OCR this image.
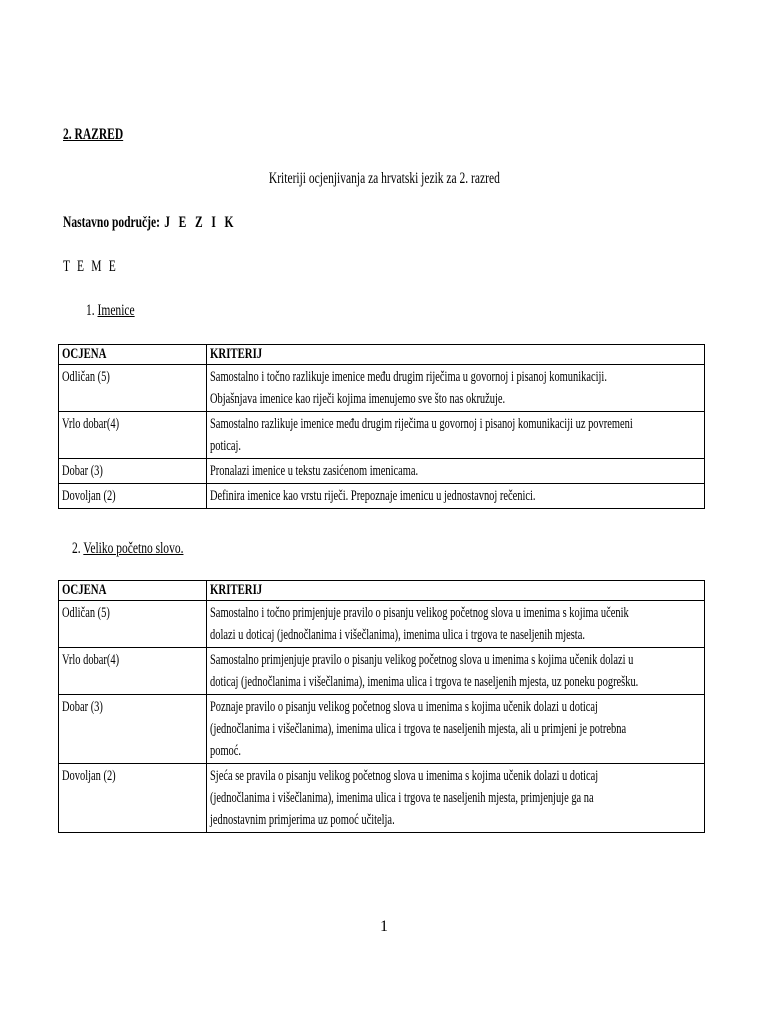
2. RAZRED
Kriteriji ocjenjivanja za hrvatski jezik za 2. razred
Nastavno područje: J E Z I K
T E M E
1. Imenice
OCJENA	KRITERIJ

Odličan (5)	Samostalno i točno razlikuje imenice među drugim riječima u govornoj i pisanoj komunikaciji. Objašnjava imenice kao riječi kojima imenujemo sve što nas okružuje.

Vrlo dobar(4)	Samostalno razlikuje imenice među drugim riječima u govornoj i pisanoj komunikaciji uz povremeni poticaj.

Dobar (3)	Pronalazi imenice u tekstu zasićenom imenicama.

Dovoljan (2)	Definira imenice kao vrstu riječi. Prepoznaje imenicu u jednostavnoj rečenici.
2. Veliko početno slovo.
OCJENA	KRITERIJ

Odličan (5)	Samostalno i točno primjenjuje pravilo o pisanju velikog početnog slova u imenima s kojima učenik dolazi u doticaj (jednočlanima i višečlanima), imenima ulica i trgova te naseljenih mjesta.

Vrlo dobar(4)	Samostalno primjenjuje pravilo o pisanju velikog početnog slova u imenima s kojima učenik dolazi u doticaj (jednočlanima i višečlanima), imenima ulica i trgova te naseljenih mjesta, uz poneku pogrešku.

Dobar (3)	Poznaje pravilo o pisanju velikog početnog slova u imenima s kojima učenik dolazi u doticaj (jednočlanima i višečlanima), imenima ulica i trgova te naseljenih mjesta, ali u primjeni je potrebna pomoć.

Dovoljan (2)	Sjeća se pravila o pisanju velikog početnog slova u imenima s kojima učenik dolazi u doticaj (jednočlanima i višečlanima), imenima ulica i trgova te naseljenih mjesta, primjenjuje ga na jednostavnim primjerima uz pomoć učitelja.
1
